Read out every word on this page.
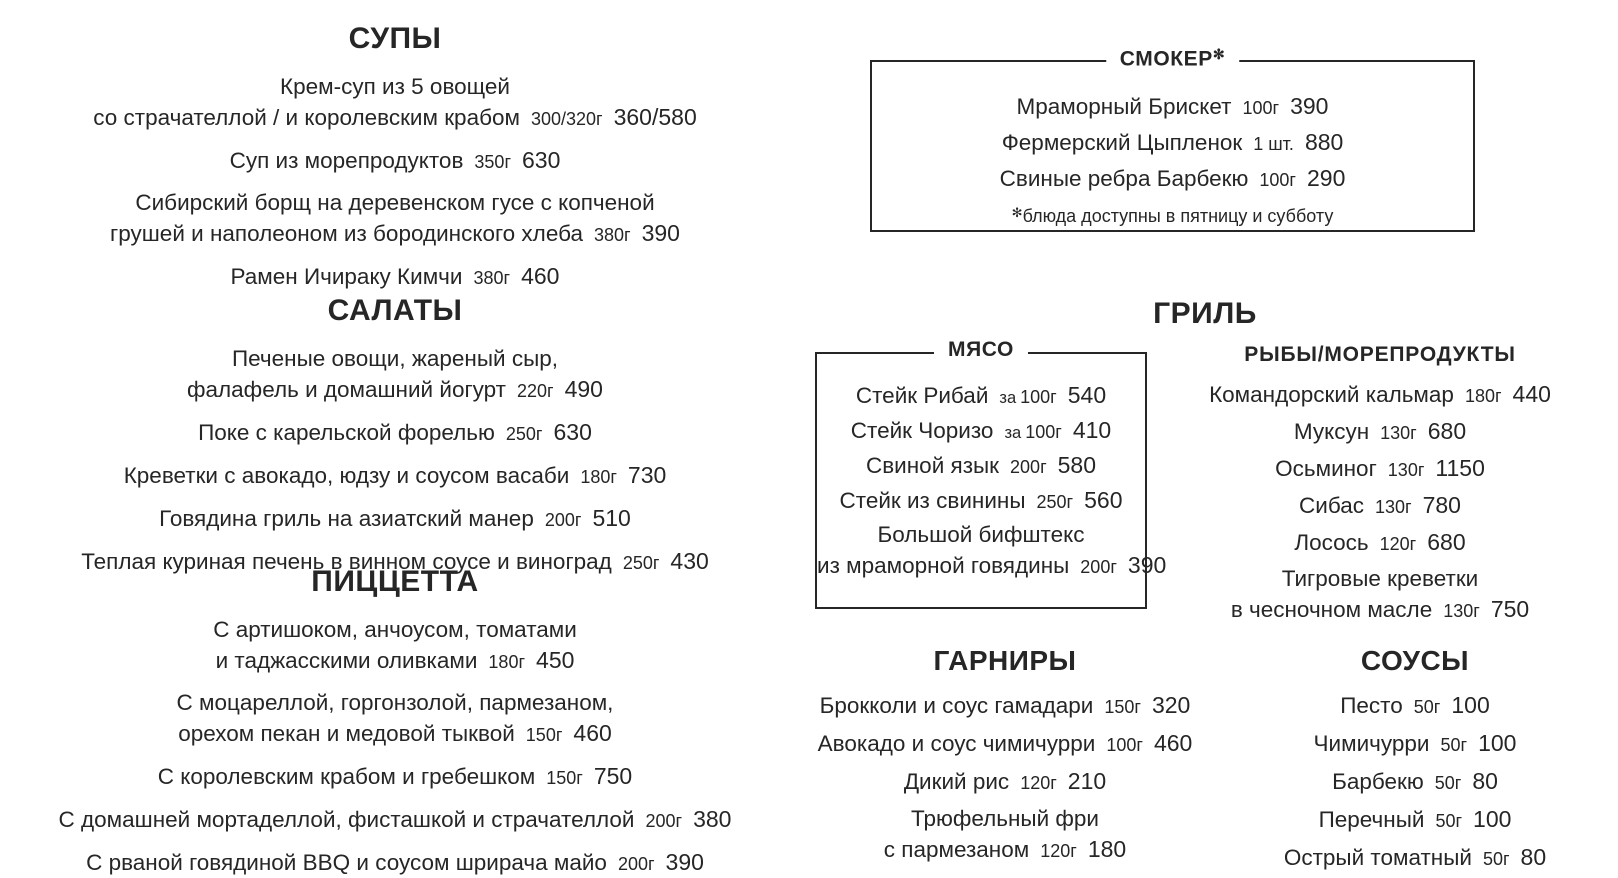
СУПЫ
Крем-суп из 5 овощей
со страчателлой / и королевским крабом 300/320г 360/580
Суп из морепродуктов 350г 630
Сибирский борщ на деревенском гусе с копченой
грушей и наполеоном из бородинского хлеба 380г 390
Рамен Ичираку Кимчи 380г 460
САЛАТЫ
Печеные овощи, жареный сыр,
фалафель и домашний йогурт 220г 490
Поке с карельской форелью 250г 630
Креветки с авокадо, юдзу и соусом васаби 180г 730
Говядина гриль на азиатский манер 200г 510
Теплая куриная печень в винном соусе и виноград 250г 430
ПИЦЦЕТТА
С артишоком, анчоусом, томатами
и таджасскими оливками 180г 450
С моцареллой, горгонзолой, пармезаном,
орехом пекан и медовой тыквой 150г 460
С королевским крабом и гребешком 150г 750
С домашней мортаделлой, фисташкой и страчателлой 200г 380
С рваной говядиной BBQ и соусом шрирача майо 200г 390
СМОКЕР✻
Мраморный Брискет 100г 390
Фермерский Цыпленок 1 шт. 880
Свиные ребра Барбекю 100г 290
✻блюда доступны в пятницу и субботу
ГРИЛЬ
МЯСО
Стейк Рибай за 100г 540
Стейк Чоризо за 100г 410
Свиной язык 200г 580
Стейк из свинины 250г 560
Большой бифштекс
из мраморной говядины 200г 390
РЫБЫ/МОРЕПРОДУКТЫ
Командорский кальмар 180г 440
Муксун 130г 680
Осьминог 130г 1150
Сибас 130г 780
Лосось 120г 680
Тигровые креветки
в чесночном масле 130г 750
ГАРНИРЫ
Брокколи и соус гамадари 150г 320
Авокадо и соус чимичурри 100г 460
Дикий рис 120г 210
Трюфельный фри
с пармезаном 120г 180
СОУСЫ
Песто 50г 100
Чимичурри 50г 100
Барбекю 50г 80
Перечный 50г 100
Острый томатный 50г 80
